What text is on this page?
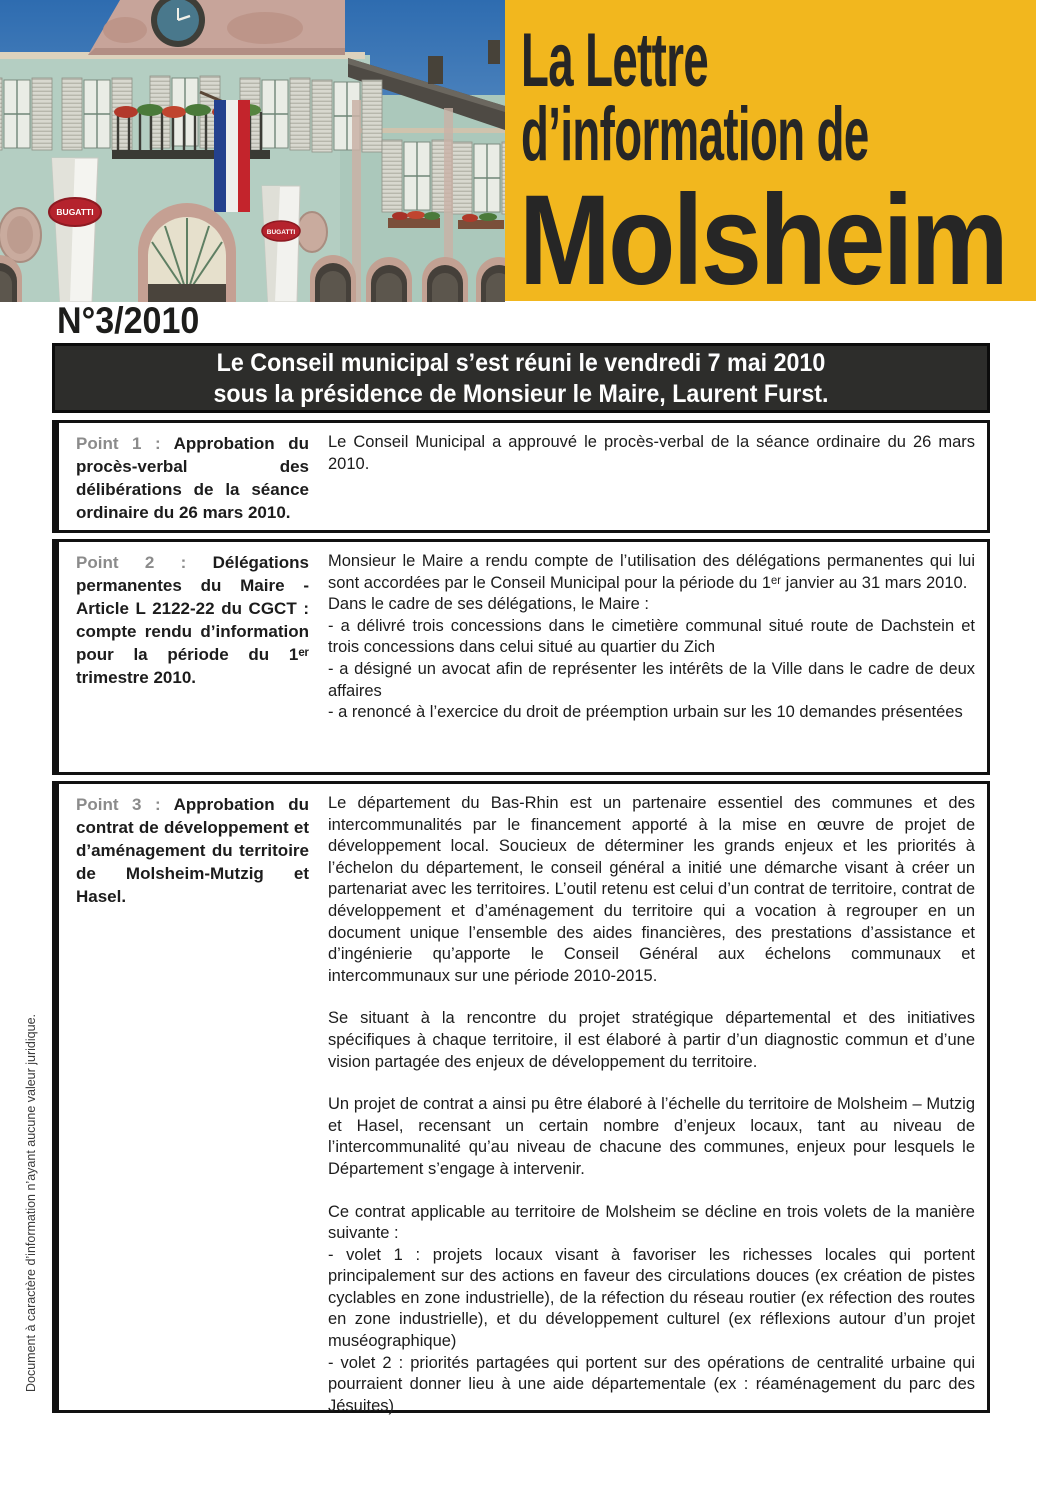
BUGATTI
BUGATTI
La Lettre
d’information de
Molsheim
N°3/2010
Le Conseil municipal s’est réuni le vendredi 7 mai 2010
sous la présidence de Monsieur le Maire, Laurent Furst.
Point 1 : Approbation du procès-verbal des délibérations de la séance ordinaire du 26 mars 2010.

Le Conseil Municipal a approuvé le procès-verbal de la séance ordinaire du 26 mars 2010.

Point 2 : Délégations permanentes du Maire - Article L 2122-22 du CGCT : compte rendu d’information pour la période du 1ᵉʳ trimestre 2010.

Monsieur le Maire a rendu compte de l’utilisation des délégations permanentes qui lui sont accordées par le Conseil Municipal pour la période du 1ᵉʳ janvier au 31 mars 2010.

Dans le cadre de ses délégations, le Maire :

- a délivré trois concessions dans le cimetière communal situé route de Dachstein et trois concessions dans celui situé au quartier du Zich

- a désigné un avocat afin de représenter les intérêts de la Ville dans le cadre de deux affaires

- a renoncé à l’exercice du droit de préemption urbain sur les 10 demandes présentées

Point 3 : Approbation du contrat de développement et d’aménagement du territoire de Molsheim-Mutzig et Hasel.

Le département du Bas-Rhin est un partenaire essentiel des communes et des intercommunalités par le financement apporté à la mise en œuvre de projet de développement local. Soucieux de déterminer les grands enjeux et les priorités à l’échelon du département, le conseil général a initié une démarche visant à créer un partenariat avec les territoires. L’outil retenu est celui d’un contrat de territoire, contrat de développement et d’aménagement du territoire qui a vocation à regrouper en un document unique l’ensemble des aides financières, des prestations d’assistance et d’ingénierie qu’apporte le Conseil Général aux échelons communaux et intercommunaux sur une période 2010-2015.

Se situant à la rencontre du projet stratégique départemental et des initiatives spécifiques à chaque territoire, il est élaboré à partir d’un diagnostic commun et d’une vision partagée des enjeux de développement du territoire.

Un projet de contrat a ainsi pu être élaboré à l’échelle du territoire de Molsheim – Mutzig et Hasel, recensant un certain nombre d’enjeux locaux, tant au niveau de l’intercommunalité qu’au niveau de chacune des communes, enjeux pour lesquels le Département s’engage à intervenir.

Ce contrat applicable au territoire de Molsheim se décline en trois volets de la manière suivante :

- volet 1 : projets locaux visant à favoriser les richesses locales qui portent principalement sur des actions en faveur des circulations douces (ex création de pistes cyclables en zone industrielle), de la réfection du réseau routier (ex réfection des routes en zone industrielle), et du développement culturel (ex réflexions autour d’un projet muséographique)

- volet 2 : priorités partagées qui portent sur des opérations de centralité urbaine qui pourraient donner lieu à une aide départementale (ex : réaménagement du parc des Jésuites)

Document à caractère d’information n’ayant aucune valeur juridique.
